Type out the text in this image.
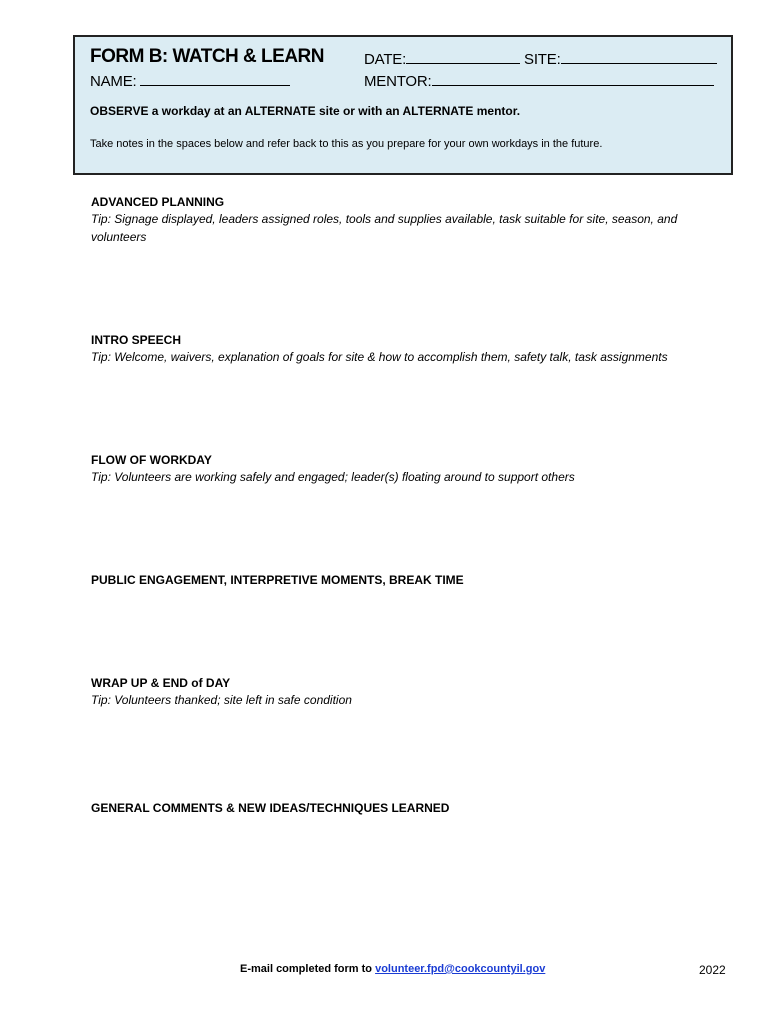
FORM B: WATCH & LEARN
NAME:
DATE:	SITE:
MENTOR:
OBSERVE a workday at an ALTERNATE site or with an ALTERNATE mentor.
Take notes in the spaces below and refer back to this as you prepare for your own workdays in the future.
ADVANCED PLANNING
Tip: Signage displayed, leaders assigned roles, tools and supplies available, task suitable for site, season, and volunteers
INTRO SPEECH
Tip: Welcome, waivers, explanation of goals for site & how to accomplish them, safety talk, task assignments
FLOW OF WORKDAY
Tip: Volunteers are working safely and engaged; leader(s) floating around to support others
PUBLIC ENGAGEMENT, INTERPRETIVE MOMENTS, BREAK TIME
WRAP UP & END of DAY
Tip: Volunteers thanked; site left in safe condition
GENERAL COMMENTS & NEW IDEAS/TECHNIQUES LEARNED
E-mail completed form to volunteer.fpd@cookcountyil.gov	2022
